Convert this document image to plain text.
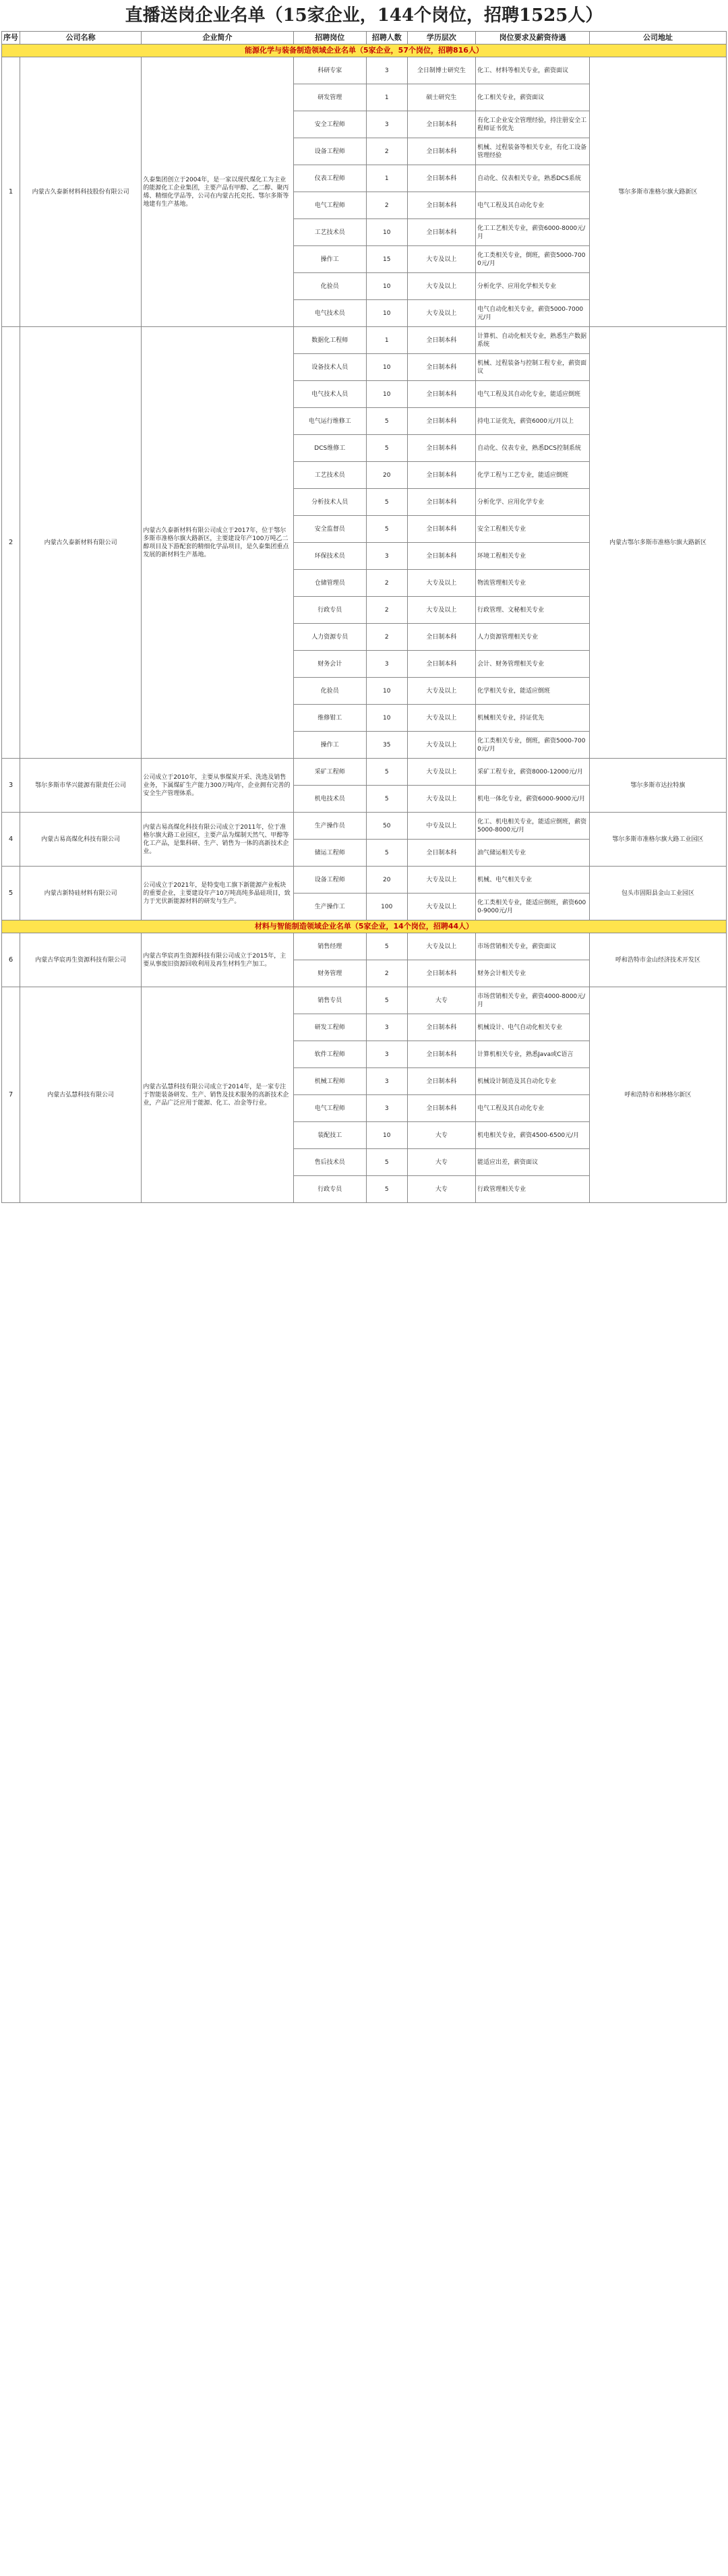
直播送岗企业名单（15家企业，144个岗位，招聘1525人）
序号	公司名称	企业简介	招聘岗位	招聘人数	学历层次	岗位要求及薪资待遇	公司地址
能源化学与装备制造领域企业名单（5家企业，57个岗位，招聘816人）							
1	内蒙古久泰新材料科技股份有限公司	久泰集团创立于2004年，是一家以现代煤化工为主业的能源化工企业集团，主要产品有甲醇、乙二醇、聚丙烯、精细化学品等，公司在内蒙古托克托、鄂尔多斯等地建有生产基地。	科研专家	3	全日制博士研究生	化工、材料等相关专业，薪资面议	鄂尔多斯市准格尔旗大路新区
			研发管理	1	硕士研究生	化工相关专业，薪资面议	
			安全工程师	3	全日制本科	有化工企业安全管理经验，持注册安全工程师证书优先	
			设备工程师	2	全日制本科	机械、过程装备等相关专业，有化工设备管理经验	
			仪表工程师	1	全日制本科	自动化、仪表相关专业，熟悉DCS系统	
			电气工程师	2	全日制本科	电气工程及其自动化专业	
			工艺技术员	10	全日制本科	化工工艺相关专业，薪资6000-8000元/月	
			操作工	15	大专及以上	化工类相关专业，倒班，薪资5000-7000元/月	
			化验员	10	大专及以上	分析化学、应用化学相关专业	
			电气技术员	10	大专及以上	电气自动化相关专业，薪资5000-7000元/月	
2	内蒙古久泰新材料有限公司	内蒙古久泰新材料有限公司成立于2017年，位于鄂尔多斯市准格尔旗大路新区，主要建设年产100万吨乙二醇项目及下游配套的精细化学品项目，是久泰集团重点发展的新材料生产基地。	数据化工程师	1	全日制本科	计算机、自动化相关专业，熟悉生产数据系统	内蒙古鄂尔多斯市准格尔旗大路新区
			设备技术人员	10	全日制本科	机械、过程装备与控制工程专业，薪资面议	
			电气技术人员	10	全日制本科	电气工程及其自动化专业，能适应倒班	
			电气运行维修工	5	全日制本科	持电工证优先，薪资6000元/月以上	
			DCS维修工	5	全日制本科	自动化、仪表专业，熟悉DCS控制系统	
			工艺技术员	20	全日制本科	化学工程与工艺专业，能适应倒班	
			分析技术人员	5	全日制本科	分析化学、应用化学专业	
			安全监督员	5	全日制本科	安全工程相关专业	
			环保技术员	3	全日制本科	环境工程相关专业	
			仓储管理员	2	大专及以上	物流管理相关专业	
			行政专员	2	大专及以上	行政管理、文秘相关专业	
			人力资源专员	2	全日制本科	人力资源管理相关专业	
			财务会计	3	全日制本科	会计、财务管理相关专业	
			化验员	10	大专及以上	化学相关专业，能适应倒班	
			维修钳工	10	大专及以上	机械相关专业，持证优先	
			操作工	35	大专及以上	化工类相关专业，倒班，薪资5000-7000元/月	
3	鄂尔多斯市华兴能源有限责任公司	公司成立于2010年，主要从事煤炭开采、洗选及销售业务，下属煤矿生产能力300万吨/年，企业拥有完善的安全生产管理体系。	采矿工程师	5	大专及以上	采矿工程专业，薪资8000-12000元/月	鄂尔多斯市达拉特旗
			机电技术员	5	大专及以上	机电一体化专业，薪资6000-9000元/月	
4	内蒙古易高煤化科技有限公司	内蒙古易高煤化科技有限公司成立于2011年，位于准格尔旗大路工业园区，主要产品为煤制天然气、甲醇等化工产品，是集科研、生产、销售为一体的高新技术企业。	生产操作员	50	中专及以上	化工、机电相关专业，能适应倒班，薪资5000-8000元/月	鄂尔多斯市准格尔旗大路工业园区
			储运工程师	5	全日制本科	油气储运相关专业	
5	内蒙古新特硅材料有限公司	公司成立于2021年，是特变电工旗下新能源产业板块的重要企业，主要建设年产10万吨高纯多晶硅项目，致力于光伏新能源材料的研发与生产。	设备工程师	20	大专及以上	机械、电气相关专业	包头市固阳县金山工业园区
			生产操作工	100	大专及以上	化工类相关专业，能适应倒班，薪资6000-9000元/月	
材料与智能制造领域企业名单（5家企业，14个岗位，招聘44人）							
6	内蒙古华宸再生资源科技有限公司	内蒙古华宸再生资源科技有限公司成立于2015年，主要从事废旧资源回收利用及再生材料生产加工。	销售经理	5	大专及以上	市场营销相关专业，薪资面议	呼和浩特市金山经济技术开发区
			财务管理	2	全日制本科	财务会计相关专业	
7	内蒙古弘慧科技有限公司	内蒙古弘慧科技有限公司成立于2014年，是一家专注于智能装备研发、生产、销售及技术服务的高新技术企业，产品广泛应用于能源、化工、冶金等行业。	销售专员	5	大专	市场营销相关专业，薪资4000-8000元/月	呼和浩特市和林格尔新区
			研发工程师	3	全日制本科	机械设计、电气自动化相关专业	
			软件工程师	3	全日制本科	计算机相关专业，熟悉Java或C语言	
			机械工程师	3	全日制本科	机械设计制造及其自动化专业	
			电气工程师	3	全日制本科	电气工程及其自动化专业	
			装配技工	10	大专	机电相关专业，薪资4500-6500元/月	
			售后技术员	5	大专	能适应出差，薪资面议	
			行政专员	5	大专	行政管理相关专业	
